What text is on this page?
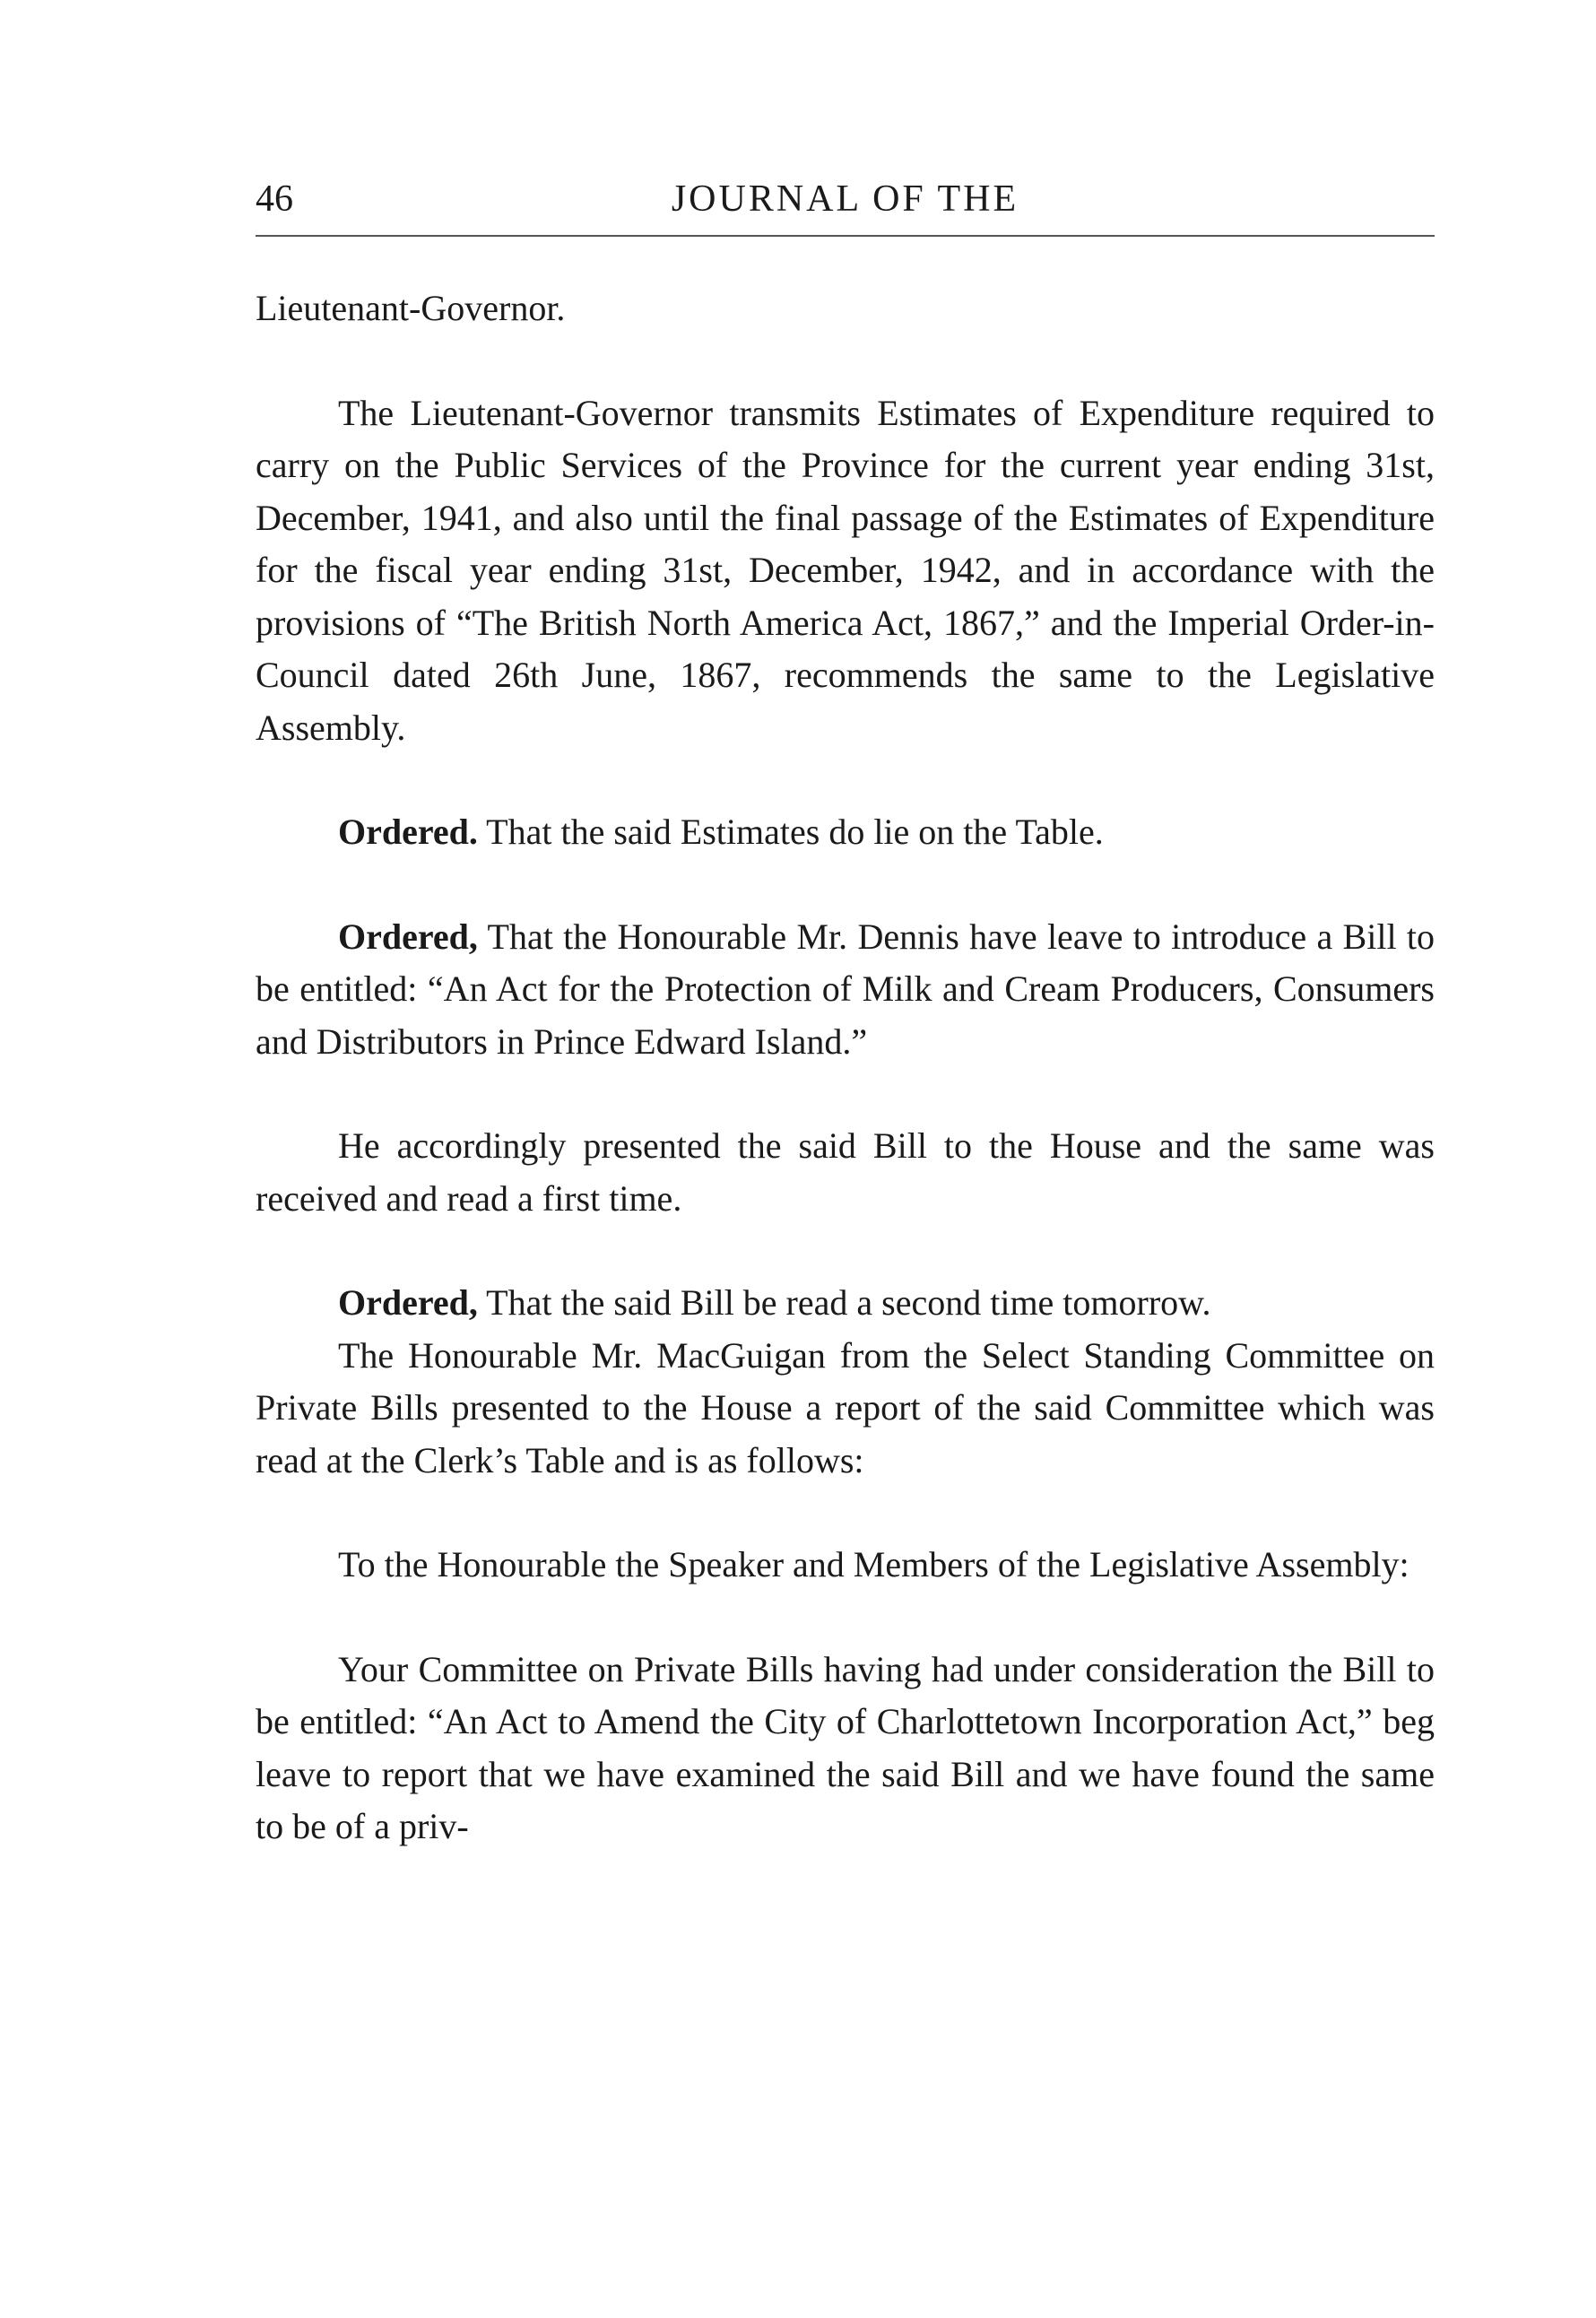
46	JOURNAL OF THE

Lieutenant-Governor.

The Lieutenant-Governor transmits Estimates of Expenditure required to carry on the Public Services of the Province for the current year ending 31st, December, 1941, and also until the final passage of the Estimates of Expenditure for the fiscal year ending 31st, December, 1942, and in accordance with the provisions of “The British North America Act, 1867,” and the Imperial Order-in-Council dated 26th June, 1867, recommends the same to the Legislative Assembly.

Ordered. That the said Estimates do lie on the Table.

Ordered, That the Honourable Mr. Dennis have leave to introduce a Bill to be entitled: “An Act for the Protection of Milk and Cream Producers, Consumers and Distributors in Prince Edward Island.”

He accordingly presented the said Bill to the House and the same was received and read a first time.

Ordered, That the said Bill be read a second time tomorrow.

The Honourable Mr. MacGuigan from the Select Standing Committee on Private Bills presented to the House a report of the said Committee which was read at the Clerk’s Table and is as follows:

To the Honourable the Speaker and Members of the Legislative Assembly:

Your Committee on Private Bills having had under consideration the Bill to be entitled: “An Act to Amend the City of Charlottetown Incorporation Act,” beg leave to report that we have examined the said Bill and we have found the same to be of a priv-
